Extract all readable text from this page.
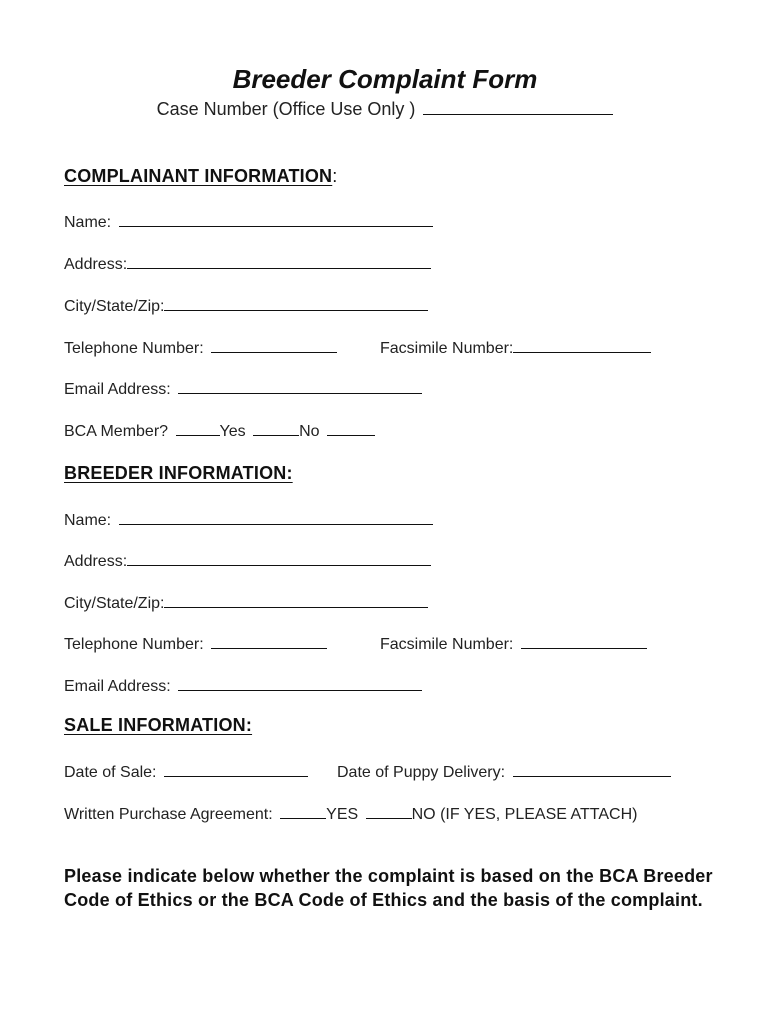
Breeder Complaint Form
Case Number (Office Use Only )
COMPLAINANT INFORMATION:
Name:
Address:
City/State/Zip:
Telephone Number:	Facsimile Number:
Email Address:
BCA Member?	Yes	No
BREEDER INFORMATION:
Name:
Address:
City/State/Zip:
Telephone Number:	Facsimile Number:
Email Address:
SALE INFORMATION:
Date of Sale:	Date of Puppy Delivery:
Written Purchase Agreement:	YES	NO (IF YES, PLEASE ATTACH)
Please indicate below whether the complaint is based on the BCA Breeder Code of Ethics or the BCA Code of Ethics and the basis of the complaint.
